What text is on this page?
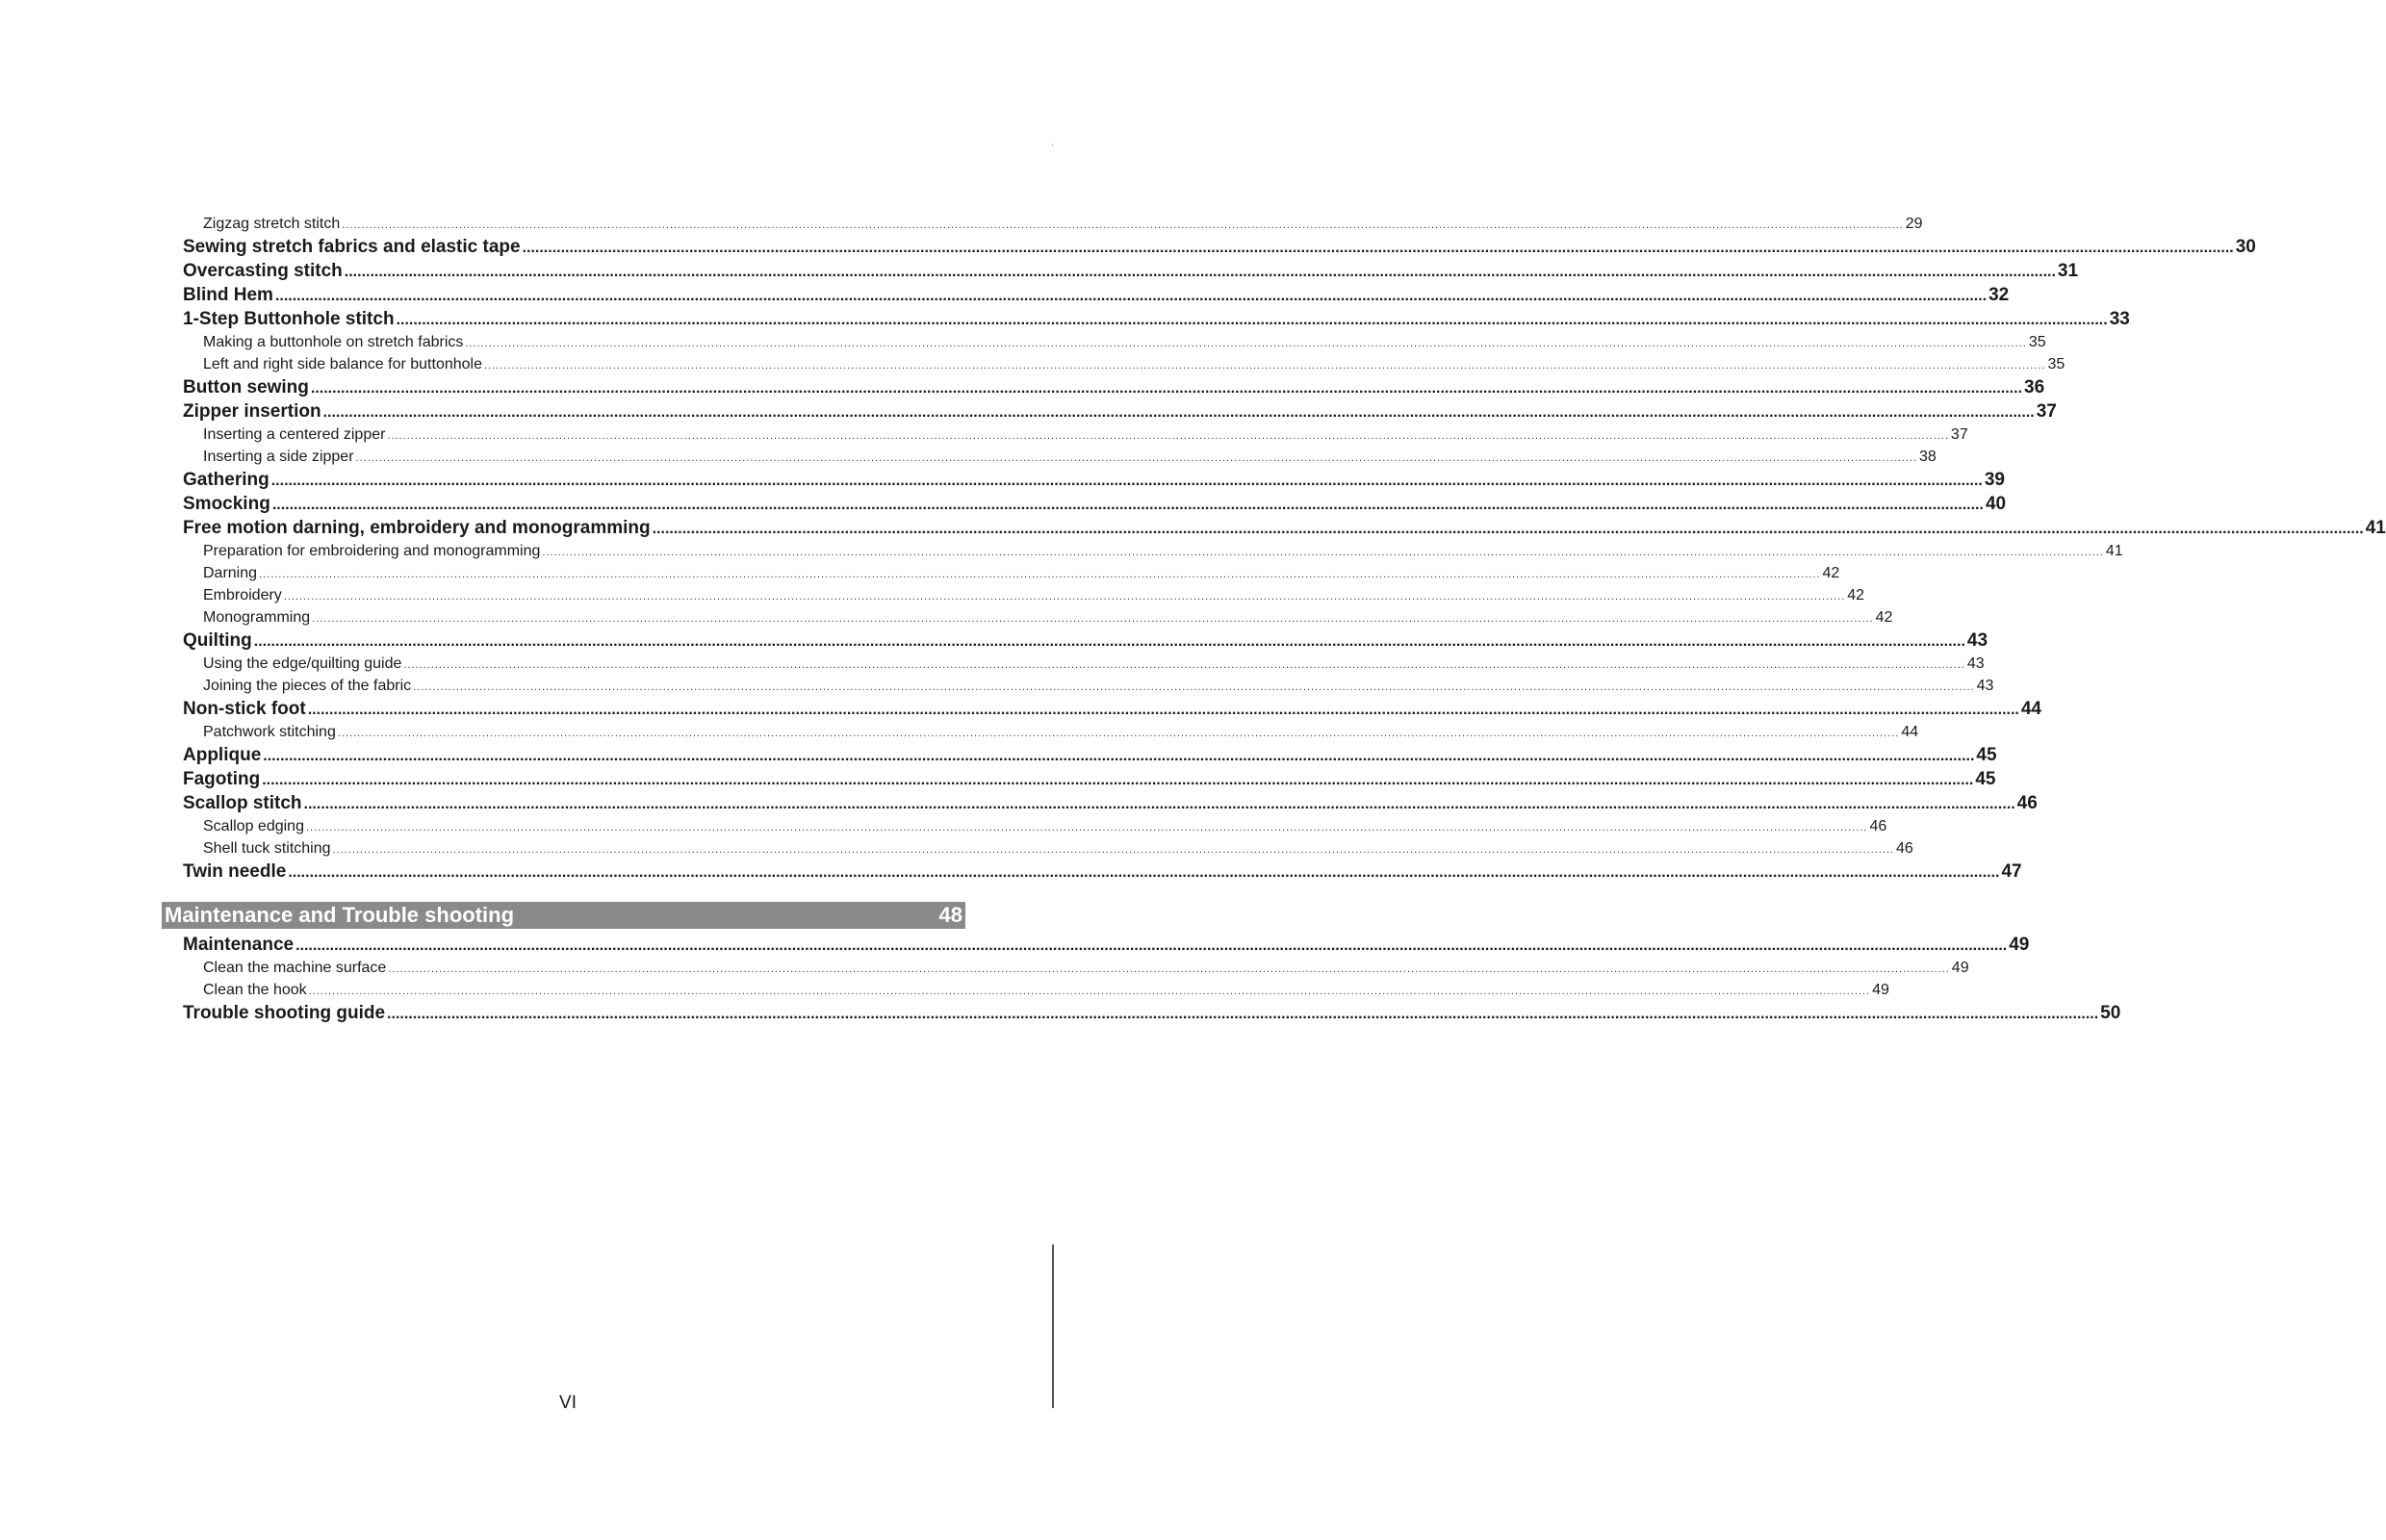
Zigzag stretch stitch ................................................................................................................................................................................................................................................................................................................................................................................................................ 29
Sewing stretch fabrics and elastic tape ................................................................................................................................................................................................................................................................................................................................................................................................................ 30
Overcasting stitch ................................................................................................................................................................................................................................................................................................................................................................................................................ 31
Blind Hem ................................................................................................................................................................................................................................................................................................................................................................................................................ 32
1-Step Buttonhole stitch ................................................................................................................................................................................................................................................................................................................................................................................................................ 33
Making a buttonhole on stretch fabrics ................................................................................................................................................................................................................................................................................................................................................................................................................ 35
Left and right side balance for buttonhole ................................................................................................................................................................................................................................................................................................................................................................................................................ 35
Button sewing ................................................................................................................................................................................................................................................................................................................................................................................................................ 36
Zipper insertion ................................................................................................................................................................................................................................................................................................................................................................................................................ 37
Inserting a centered zipper ................................................................................................................................................................................................................................................................................................................................................................................................................ 37
Inserting a side zipper ................................................................................................................................................................................................................................................................................................................................................................................................................ 38
Gathering ................................................................................................................................................................................................................................................................................................................................................................................................................ 39
Smocking ................................................................................................................................................................................................................................................................................................................................................................................................................ 40
Free motion darning, embroidery and monogramming ................................................................................................................................................................................................................................................................................................................................................................................................................ 41
Preparation for embroidering and monogramming ................................................................................................................................................................................................................................................................................................................................................................................................................ 41
Darning ................................................................................................................................................................................................................................................................................................................................................................................................................ 42
Embroidery ................................................................................................................................................................................................................................................................................................................................................................................................................ 42
Monogramming ................................................................................................................................................................................................................................................................................................................................................................................................................ 42
Quilting ................................................................................................................................................................................................................................................................................................................................................................................................................ 43
Using the edge/quilting guide ................................................................................................................................................................................................................................................................................................................................................................................................................ 43
Joining the pieces of the fabric ................................................................................................................................................................................................................................................................................................................................................................................................................ 43
Non-stick foot ................................................................................................................................................................................................................................................................................................................................................................................................................ 44
Patchwork stitching ................................................................................................................................................................................................................................................................................................................................................................................................................ 44
Applique ................................................................................................................................................................................................................................................................................................................................................................................................................ 45
Fagoting ................................................................................................................................................................................................................................................................................................................................................................................................................ 45
Scallop stitch ................................................................................................................................................................................................................................................................................................................................................................................................................ 46
Scallop edging ................................................................................................................................................................................................................................................................................................................................................................................................................ 46
Shell tuck stitching ................................................................................................................................................................................................................................................................................................................................................................................................................ 46
Twin needle ................................................................................................................................................................................................................................................................................................................................................................................................................ 47
Maintenance and Trouble shooting	48
Maintenance ................................................................................................................................................................................................................................................................................................................................................................................................................ 49
Clean the machine surface ................................................................................................................................................................................................................................................................................................................................................................................................................ 49
Clean the hook ................................................................................................................................................................................................................................................................................................................................................................................................................ 49
Trouble shooting guide ................................................................................................................................................................................................................................................................................................................................................................................................................ 50
VI
